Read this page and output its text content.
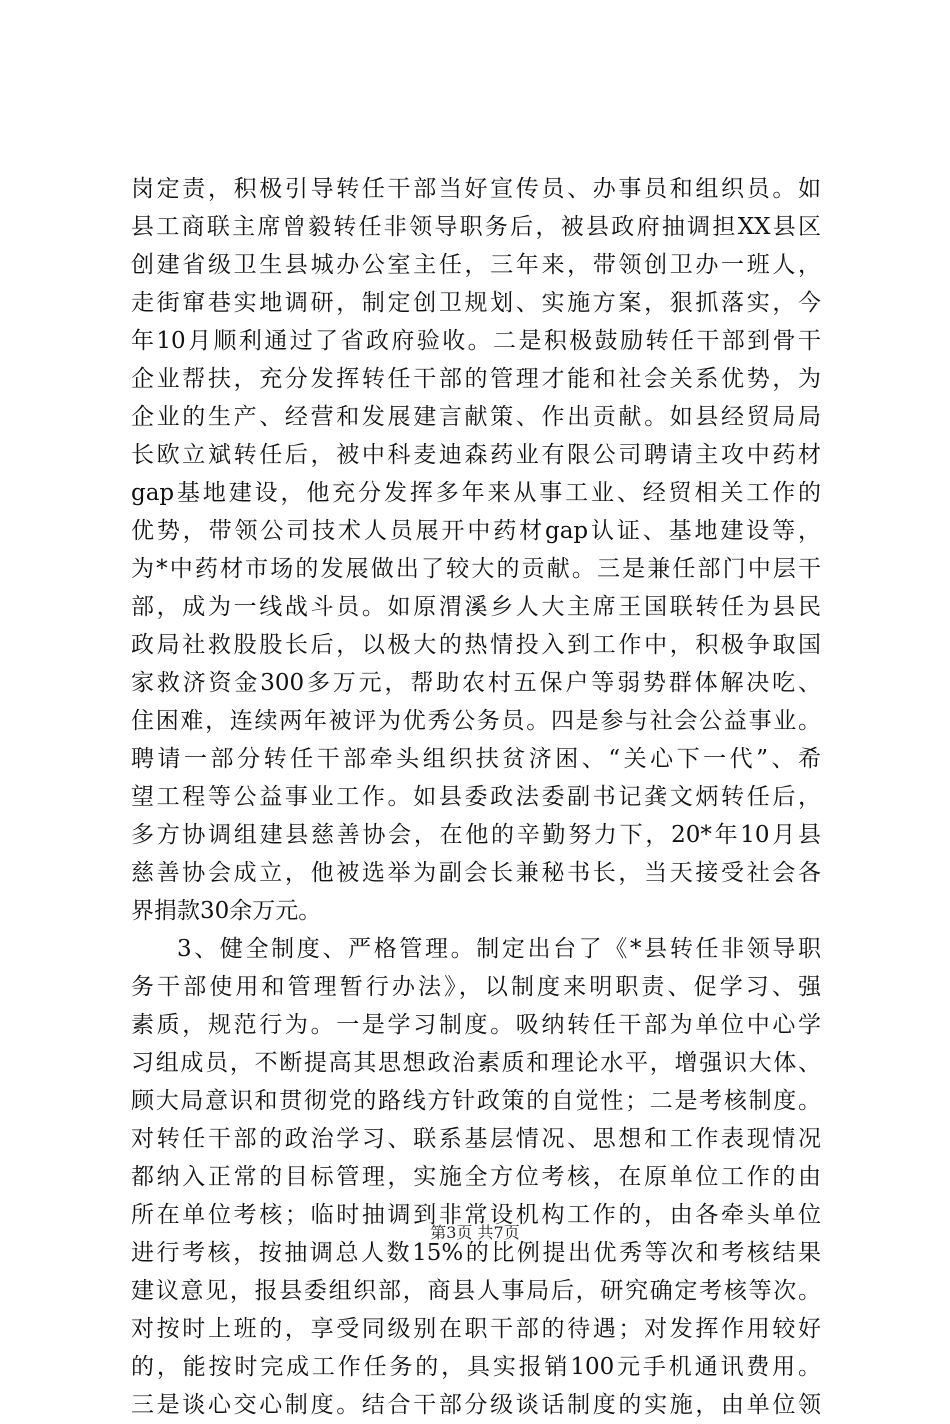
岗定责，积极引导转任干部当好宣传员、办事员和组织员。如
县工商联主席曾毅转任非领导职务后，被县政府抽调担XX县区
创建省级卫生县城办公室主任，三年来，带领创卫办一班人，
走街窜巷实地调研，制定创卫规划、实施方案，狠抓落实，今
年10月顺利通过了省政府验收。二是积极鼓励转任干部到骨干
企业帮扶，充分发挥转任干部的管理才能和社会关系优势，为
企业的生产、经营和发展建言献策、作出贡献。如县经贸局局
长欧立斌转任后，被中科麦迪森药业有限公司聘请主攻中药材
gap基地建设，他充分发挥多年来从事工业、经贸相关工作的
优势，带领公司技术人员展开中药材gap认证、基地建设等，
为*中药材市场的发展做出了较大的贡献。三是兼任部门中层干
部，成为一线战斗员。如原渭溪乡人大主席王国联转任为县民
政局社救股股长后，以极大的热情投入到工作中，积极争取国
家救济资金300多万元，帮助农村五保户等弱势群体解决吃、
住困难，连续两年被评为优秀公务员。四是参与社会公益事业。
聘请一部分转任干部牵头组织扶贫济困、“关心下一代”、希
望工程等公益事业工作。如县委政法委副书记龚文炳转任后，
多方协调组建县慈善协会，在他的辛勤努力下，20*年10月县
慈善协会成立，他被选举为副会长兼秘书长，当天接受社会各
界捐款30余万元。
3、健全制度、严格管理。制定出台了《*县转任非领导职
务干部使用和管理暂行办法》，以制度来明职责、促学习、强
素质，规范行为。一是学习制度。吸纳转任干部为单位中心学
习组成员，不断提高其思想政治素质和理论水平，增强识大体、
顾大局意识和贯彻党的路线方针政策的自觉性；二是考核制度。
对转任干部的政治学习、联系基层情况、思想和工作表现情况
都纳入正常的目标管理，实施全方位考核，在原单位工作的由
所在单位考核；临时抽调到非常设机构工作的，由各牵头单位
进行考核，按抽调总人数15%的比例提出优秀等次和考核结果
建议意见，报县委组织部，商县人事局后，研究确定考核等次。
对按时上班的，享受同级别在职干部的待遇；对发挥作用较好
的，能按时完成工作任务的，具实报销100元手机通讯费用。
三是谈心交心制度。结合干部分级谈话制度的实施，由单位领
第3页 共7页
